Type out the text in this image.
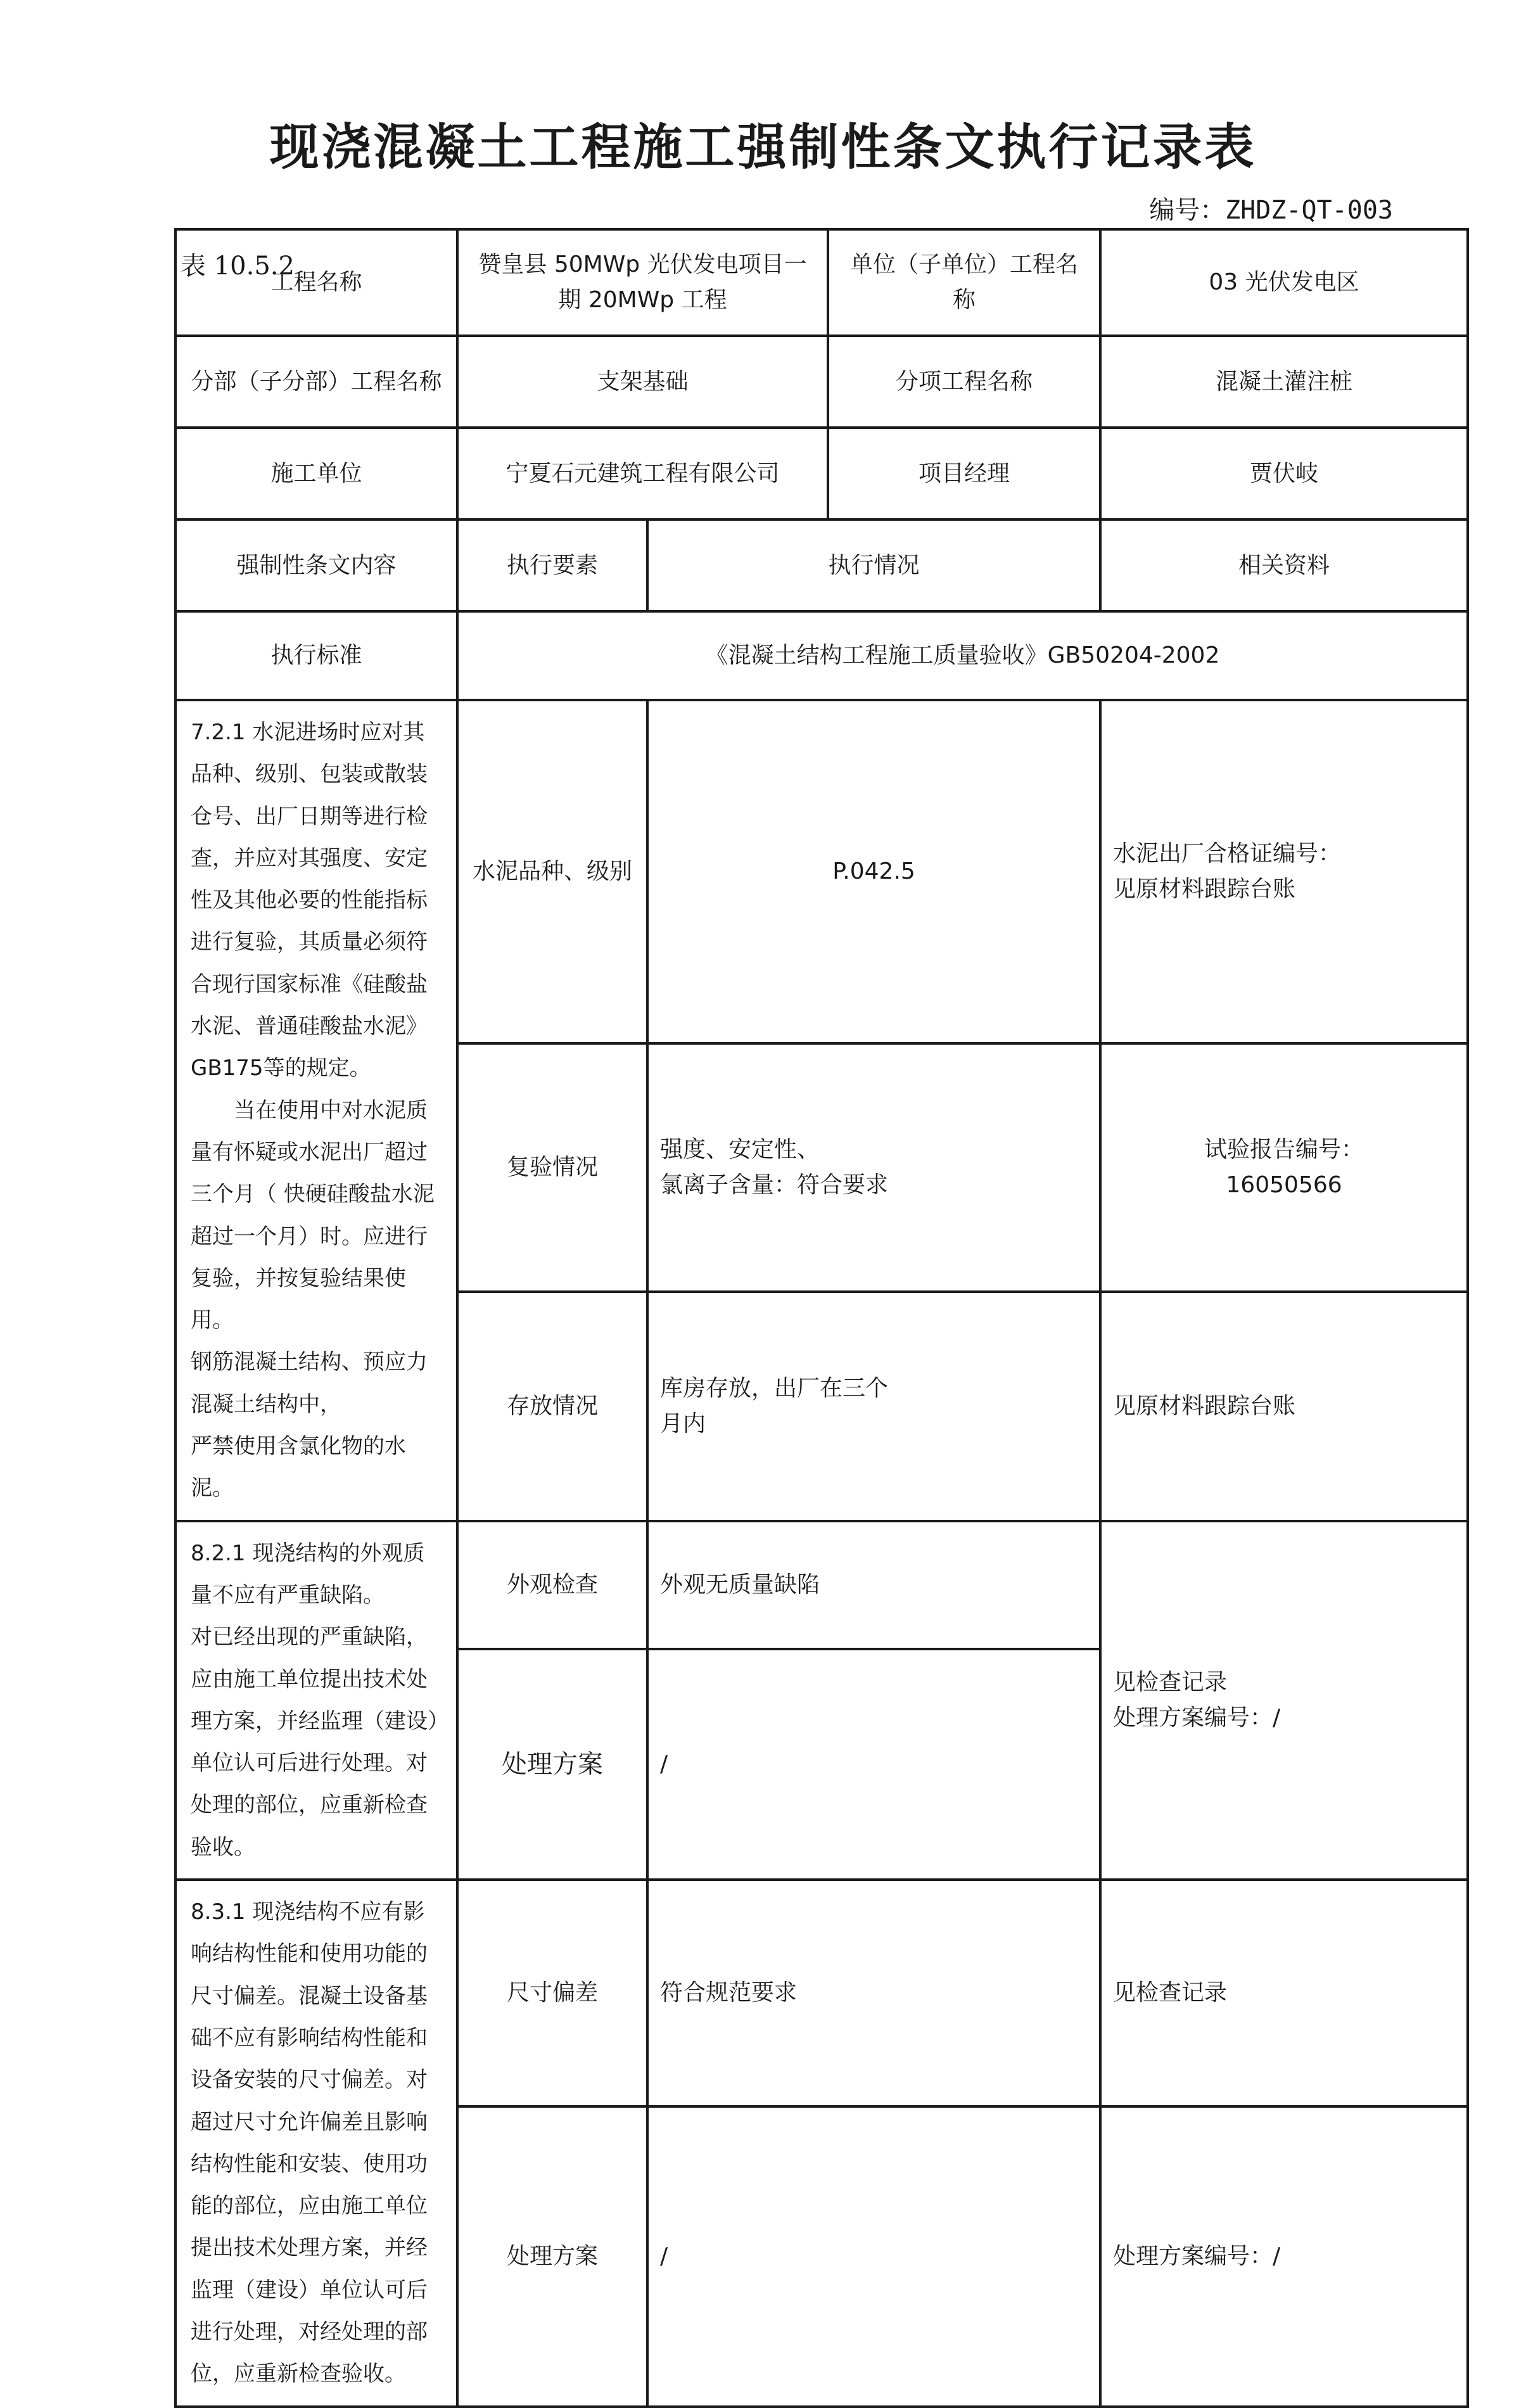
现浇混凝土工程施工强制性条文执行记录表
编号：ZHDZ-QT-003
工程名称	赞皇县 50MWp 光伏发电项目一期 20MWp 工程		单位（子单位）工程名称	03 光伏发电区
分部（子分部）工程名称	支架基础		分项工程名称	混凝土灌注桩
施工单位	宁夏石元建筑工程有限公司		项目经理	贾伏岐
强制性条文内容	执行要素	执行情况		相关资料
执行标准	《混凝土结构工程施工质量验收》GB50204-2002			

7.2.1 水泥进场时应对其品种、级别、包装或散装仓号、出厂日期等进行检查，并应对其强度、安定性及其他必要的性能指标进行复验，其质量必须符合现行国家标准《硅酸盐水泥、普通硅酸盐水泥》GB175等的规定。
当在使用中对水泥质量有怀疑或水泥出厂超过三个月（ 快硬硅酸盐水泥超过一个月）时。应进行复验，并按复验结果使用。
钢筋混凝土结构、预应力混凝土结构中，
严禁使用含氯化物的水泥。	水泥品种、级别	P.042.5		水泥出厂合格证编号：
见原材料跟踪台账

	复验情况	强度、安定性、
氯离子含量：符合要求		试验报告编号：
16050566

	存放情况	库房存放，出厂在三个
月内		见原材料跟踪台账

8.2.1 现浇结构的外观质量不应有严重缺陷。
对已经出现的严重缺陷，应由施工单位提出技术处理方案，并经监理（建设）单位认可后进行处理。对处理的部位，应重新检查验收。	外观检查	外观无质量缺陷		见检查记录
处理方案编号：/

	处理方案	/		
8.3.1 现浇结构不应有影响结构性能和使用功能的尺寸偏差。混凝土设备基础不应有影响结构性能和设备安装的尺寸偏差。对超过尺寸允许偏差且影响结构性能和安装、使用功能的部位，应由施工单位提出技术处理方案，并经监理（建设）单位认可后进行处理，对经处理的部位，应重新检查验收。	尺寸偏差	符合规范要求		见检查记录
	处理方案	/		处理方案编号：/
表 10.5.2
